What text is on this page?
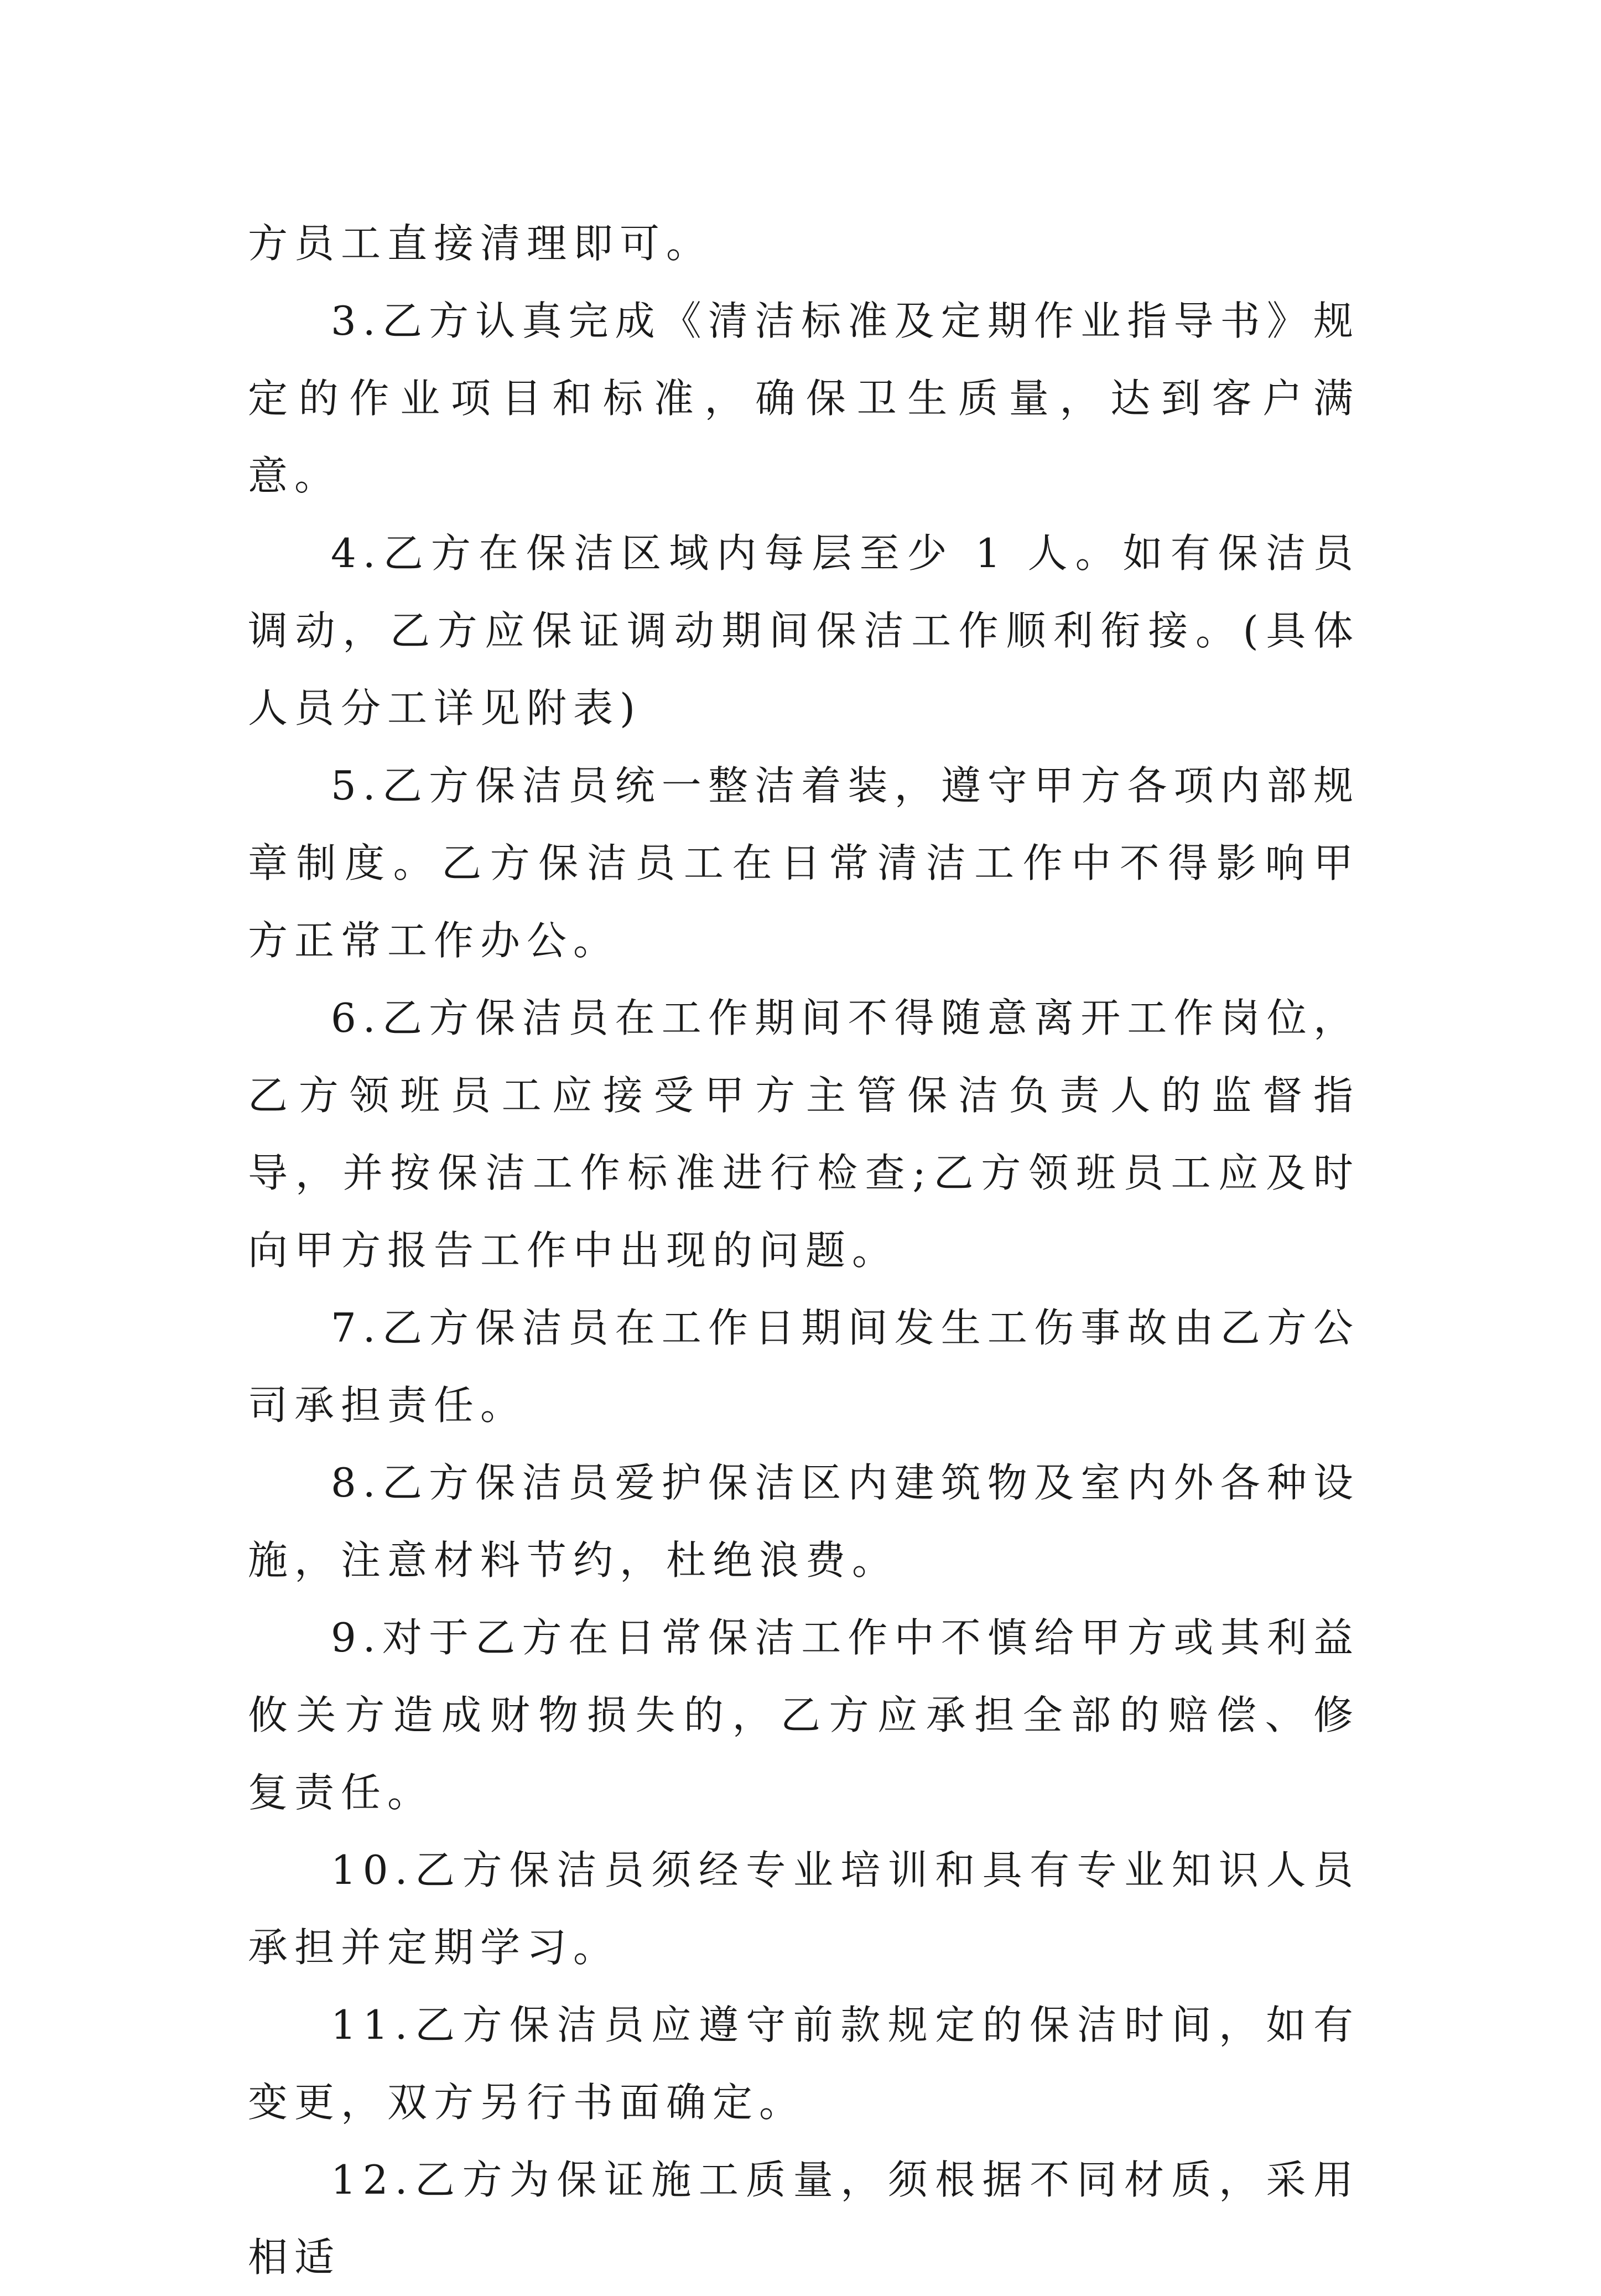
方员工直接清理即可。

3.乙方认真完成《清洁标准及定期作业指导书》规定的作业项目和标准，确保卫生质量，达到客户满意。

4.乙方在保洁区域内每层至少 1 人。如有保洁员调动，乙方应保证调动期间保洁工作顺利衔接。(具体人员分工详见附表)

5.乙方保洁员统一整洁着装，遵守甲方各项内部规章制度。乙方保洁员工在日常清洁工作中不得影响甲方正常工作办公。

6.乙方保洁员在工作期间不得随意离开工作岗位，乙方领班员工应接受甲方主管保洁负责人的监督指导，并按保洁工作标准进行检查;乙方领班员工应及时向甲方报告工作中出现的问题。

7.乙方保洁员在工作日期间发生工伤事故由乙方公司承担责任。

8.乙方保洁员爱护保洁区内建筑物及室内外各种设施，注意材料节约，杜绝浪费。

9.对于乙方在日常保洁工作中不慎给甲方或其利益攸关方造成财物损失的，乙方应承担全部的赔偿、修复责任。

10.乙方保洁员须经专业培训和具有专业知识人员承担并定期学习。

11.乙方保洁员应遵守前款规定的保洁时间，如有变更，双方另行书面确定。

12.乙方为保证施工质量，须根据不同材质，采用相适
